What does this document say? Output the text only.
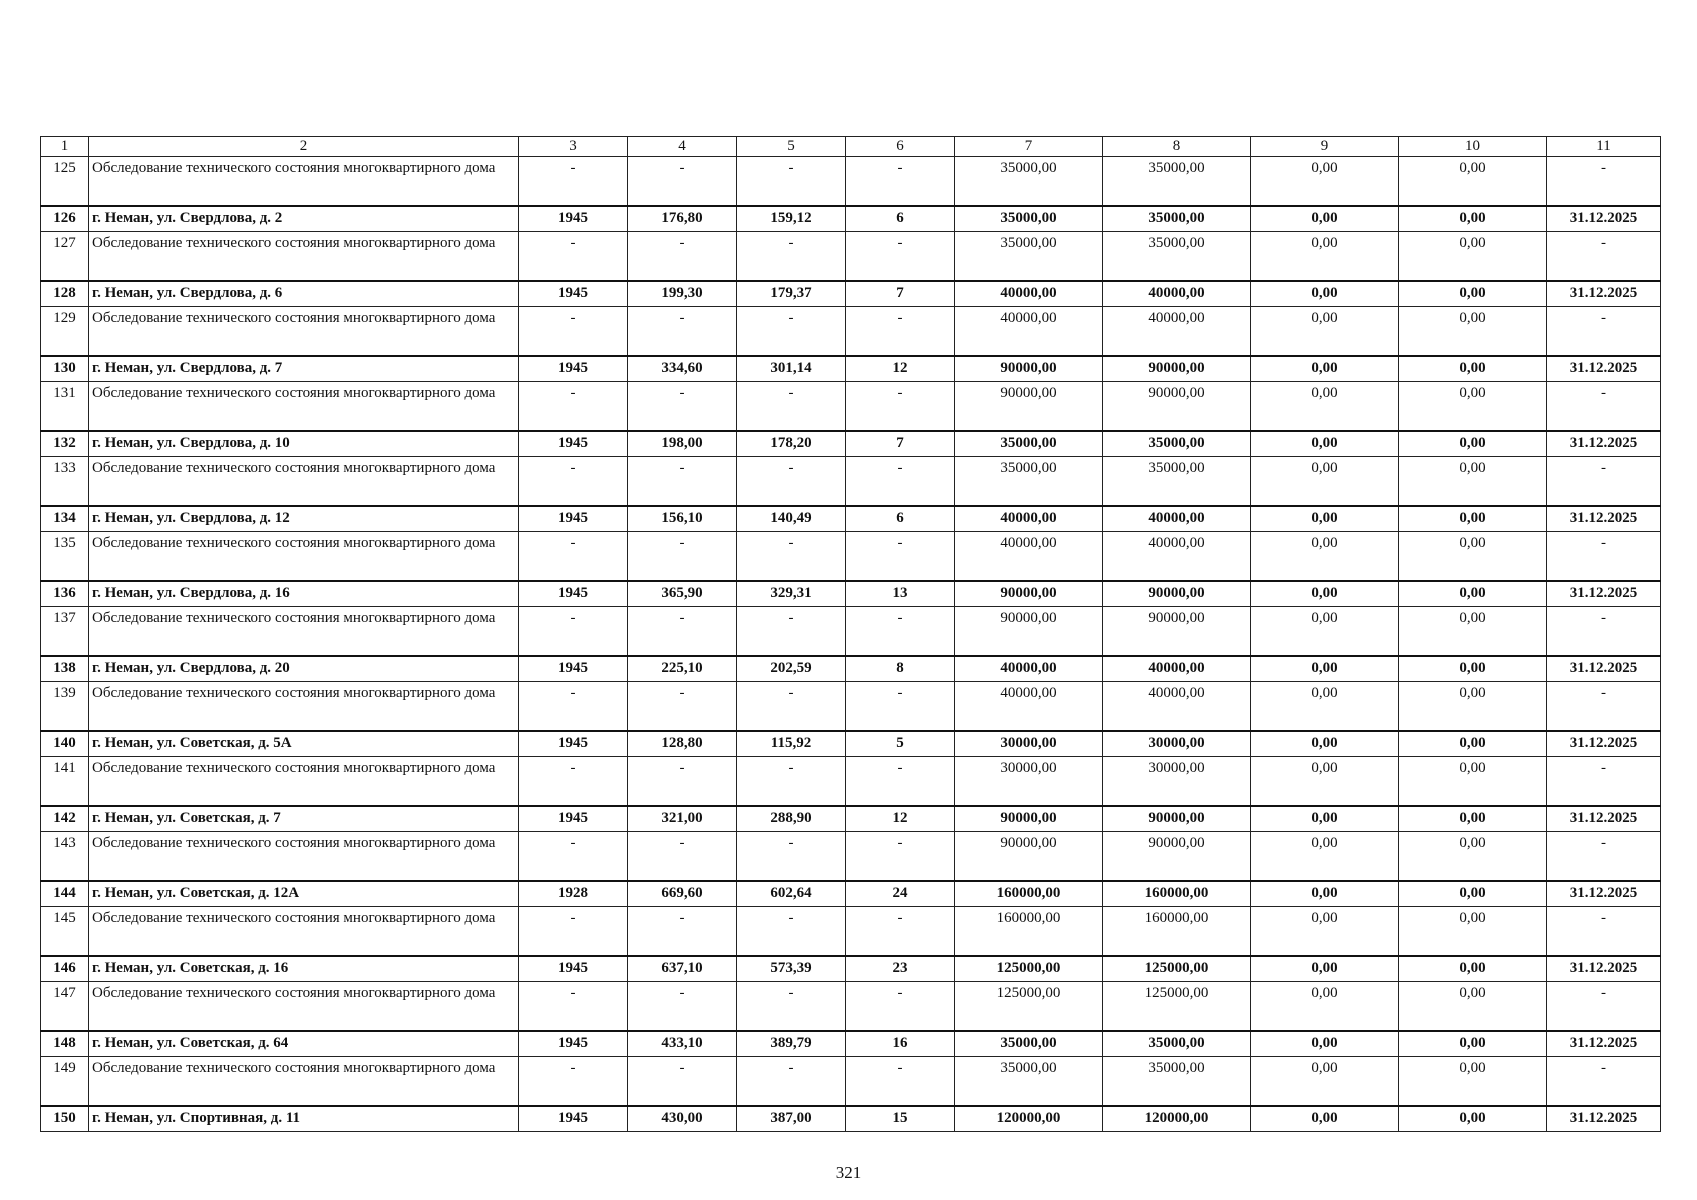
1	2	3	4	5	6	7	8	9	10	11
125	Обследование технического состояния многоквартирного дома	-	-	-	-	35000,00	35000,00	0,00	0,00	-
126	г. Неман, ул. Свердлова, д. 2	1945	176,80	159,12	6	35000,00	35000,00	0,00	0,00	31.12.2025
127	Обследование технического состояния многоквартирного дома	-	-	-	-	35000,00	35000,00	0,00	0,00	-
128	г. Неман, ул. Свердлова, д. 6	1945	199,30	179,37	7	40000,00	40000,00	0,00	0,00	31.12.2025
129	Обследование технического состояния многоквартирного дома	-	-	-	-	40000,00	40000,00	0,00	0,00	-
130	г. Неман, ул. Свердлова, д. 7	1945	334,60	301,14	12	90000,00	90000,00	0,00	0,00	31.12.2025
131	Обследование технического состояния многоквартирного дома	-	-	-	-	90000,00	90000,00	0,00	0,00	-
132	г. Неман, ул. Свердлова, д. 10	1945	198,00	178,20	7	35000,00	35000,00	0,00	0,00	31.12.2025
133	Обследование технического состояния многоквартирного дома	-	-	-	-	35000,00	35000,00	0,00	0,00	-
134	г. Неман, ул. Свердлова, д. 12	1945	156,10	140,49	6	40000,00	40000,00	0,00	0,00	31.12.2025
135	Обследование технического состояния многоквартирного дома	-	-	-	-	40000,00	40000,00	0,00	0,00	-
136	г. Неман, ул. Свердлова, д. 16	1945	365,90	329,31	13	90000,00	90000,00	0,00	0,00	31.12.2025
137	Обследование технического состояния многоквартирного дома	-	-	-	-	90000,00	90000,00	0,00	0,00	-
138	г. Неман, ул. Свердлова, д. 20	1945	225,10	202,59	8	40000,00	40000,00	0,00	0,00	31.12.2025
139	Обследование технического состояния многоквартирного дома	-	-	-	-	40000,00	40000,00	0,00	0,00	-
140	г. Неман, ул. Советская, д. 5А	1945	128,80	115,92	5	30000,00	30000,00	0,00	0,00	31.12.2025
141	Обследование технического состояния многоквартирного дома	-	-	-	-	30000,00	30000,00	0,00	0,00	-
142	г. Неман, ул. Советская, д. 7	1945	321,00	288,90	12	90000,00	90000,00	0,00	0,00	31.12.2025
143	Обследование технического состояния многоквартирного дома	-	-	-	-	90000,00	90000,00	0,00	0,00	-
144	г. Неман, ул. Советская, д. 12А	1928	669,60	602,64	24	160000,00	160000,00	0,00	0,00	31.12.2025
145	Обследование технического состояния многоквартирного дома	-	-	-	-	160000,00	160000,00	0,00	0,00	-
146	г. Неман, ул. Советская, д. 16	1945	637,10	573,39	23	125000,00	125000,00	0,00	0,00	31.12.2025
147	Обследование технического состояния многоквартирного дома	-	-	-	-	125000,00	125000,00	0,00	0,00	-
148	г. Неман, ул. Советская, д. 64	1945	433,10	389,79	16	35000,00	35000,00	0,00	0,00	31.12.2025
149	Обследование технического состояния многоквартирного дома	-	-	-	-	35000,00	35000,00	0,00	0,00	-
150	г. Неман, ул. Спортивная, д. 11	1945	430,00	387,00	15	120000,00	120000,00	0,00	0,00	31.12.2025
321
